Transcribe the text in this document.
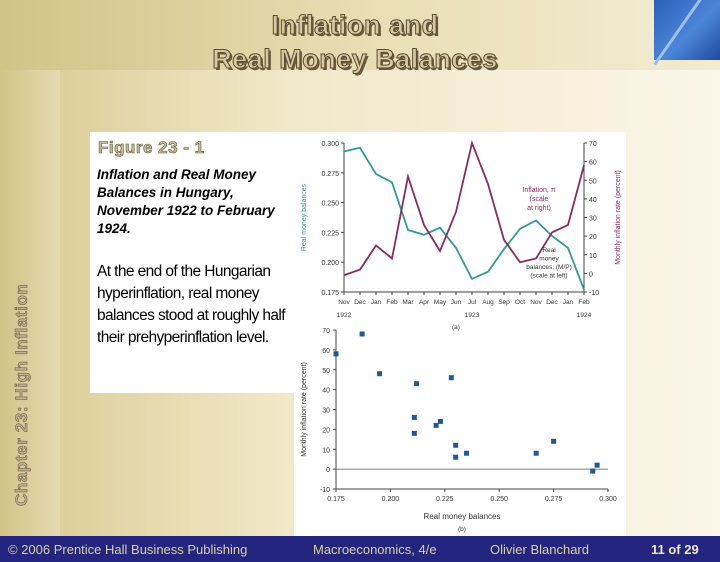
Inflation and
Real Money Balances
Chapter 23: High Inflation
Figure 23 - 1
Inflation and Real Money Balances in Hungary, November 1922 to February 1924.
At the end of the Hungarian hyperinflation, real money balances stood at roughly half their prehyperinflation level.
0.300
0.275
0.250
0.225
0.200
0.175
70
60
50
40
30
20
10
0
-10
Nov Dec Jan Feb Mar Apr May Jun Jul Aug Sep Oct Nov Dec Jan Feb
1922	1923	1924
(a)
Real money balances	Monthly inflation rate (percent)
Inflation, π
(scale
at right)
Real
money
balances, (M/P)
(scale at left)
70
60
50
40
30
20
10
0
-10
0.175	0.200	0.225	0.250	0.275	0.300
Real money balances
(b)
Monthly inflation rate (percent)
© 2006 Prentice Hall Business Publishing	Macroeconomics, 4/e	Olivier Blanchard	11 of 29
